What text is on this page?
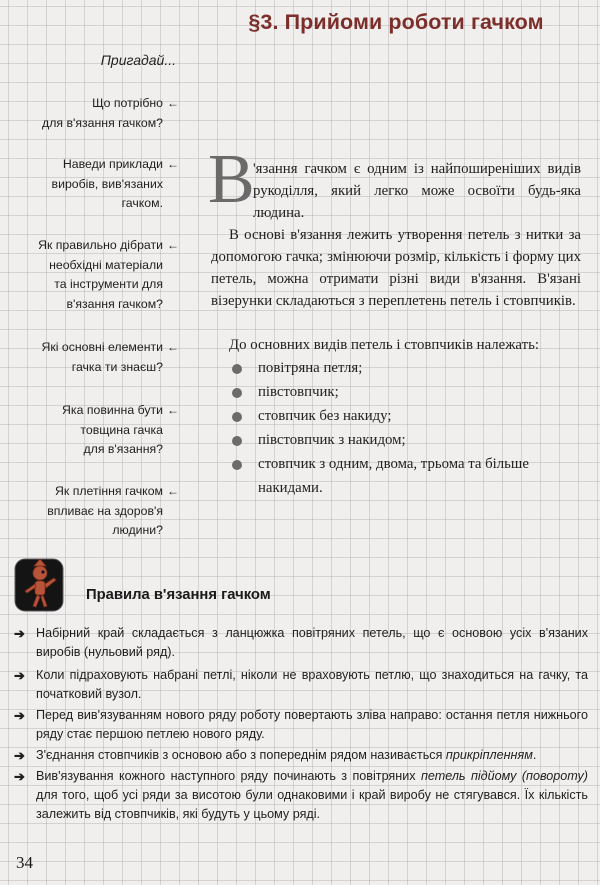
§3. Прийоми роботи гачком
Пригадай...
Що потрібно
для в'язання гачком?
←
Наведи приклади
виробів, вив'язаних
гачком.
←
Як правильно дібрати
необхідні матеріали
та інструменти для
в'язання гачком?
←
Які основні елементи
гачка ти знаєш?
←
Яка повинна бути
товщина гачка
для в'язання?
←
Як плетіння гачком
впливає на здоров'я
людини?
←
В
'язання гачком є одним із найпоширеніших видів рукоділля, який легко може освоїти будь-яка людина.
В основі в'язання лежить утворення петель з нитки за допомогою гачка; змінюючи розмір, кількість і форму цих петель, можна отримати різні види в'язання. В'язані візерунки складаються з переплетень петель і стовпчиків.
До основних видів петель і стовпчиків належать:
повітряна петля;
півстовпчик;
стовпчик без накиду;
півстовпчик з накидом;
стовпчик з одним, двома, трьома та більше накидами.
Правила в'язання гачком
➔ Набірний край складається з ланцюжка повітряних петель, що є основою усіх в'язаних виробів (нульовий ряд).
➔ Коли підраховують набрані петлі, ніколи не враховують петлю, що знаходиться на гачку, та початковий вузол.
➔ Перед вив'язуванням нового ряду роботу повертають зліва направо: остання петля нижнього ряду стає першою петлею нового ряду.
➔ З'єднання стовпчиків з основою або з попереднім рядом називається прикріпленням.
➔ Вив'язування кожного наступного ряду починають з повітряних петель підйому (повороту) для того, щоб усі ряди за висотою були однаковими і край виробу не стягувався. Їх кількість залежить від стовпчиків, які будуть у цьому ряді.
34
